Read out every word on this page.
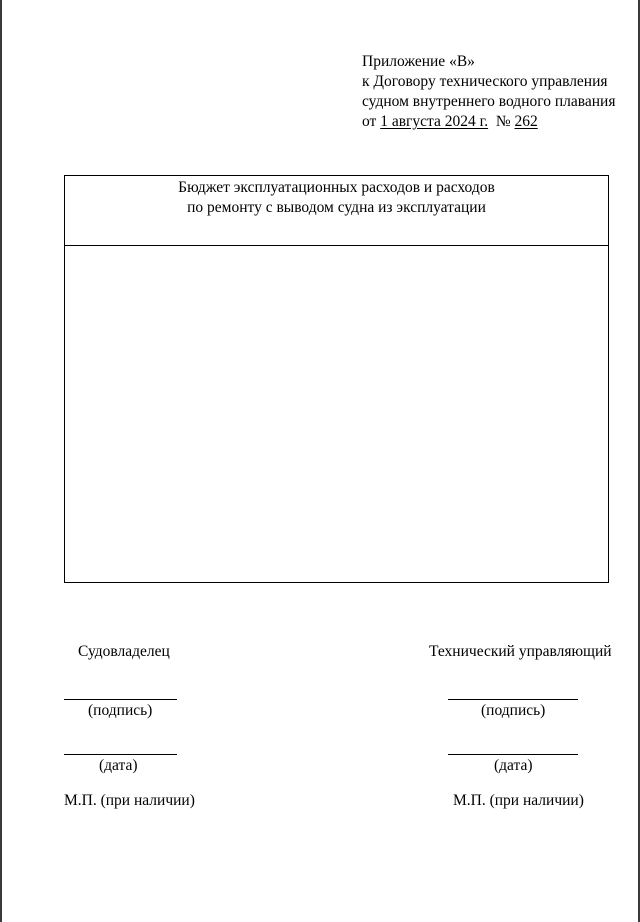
Приложение «В»
к Договору технического управления
судном внутреннего водного плавания
от 1 августа 2024 г.  № 262
Бюджет эксплуатационных расходов и расходов
по ремонту с выводом судна из эксплуатации
Судовладелец
(подпись)
(дата)
М.П. (при наличии)
Технический управляющий
(подпись)
(дата)
М.П. (при наличии)
